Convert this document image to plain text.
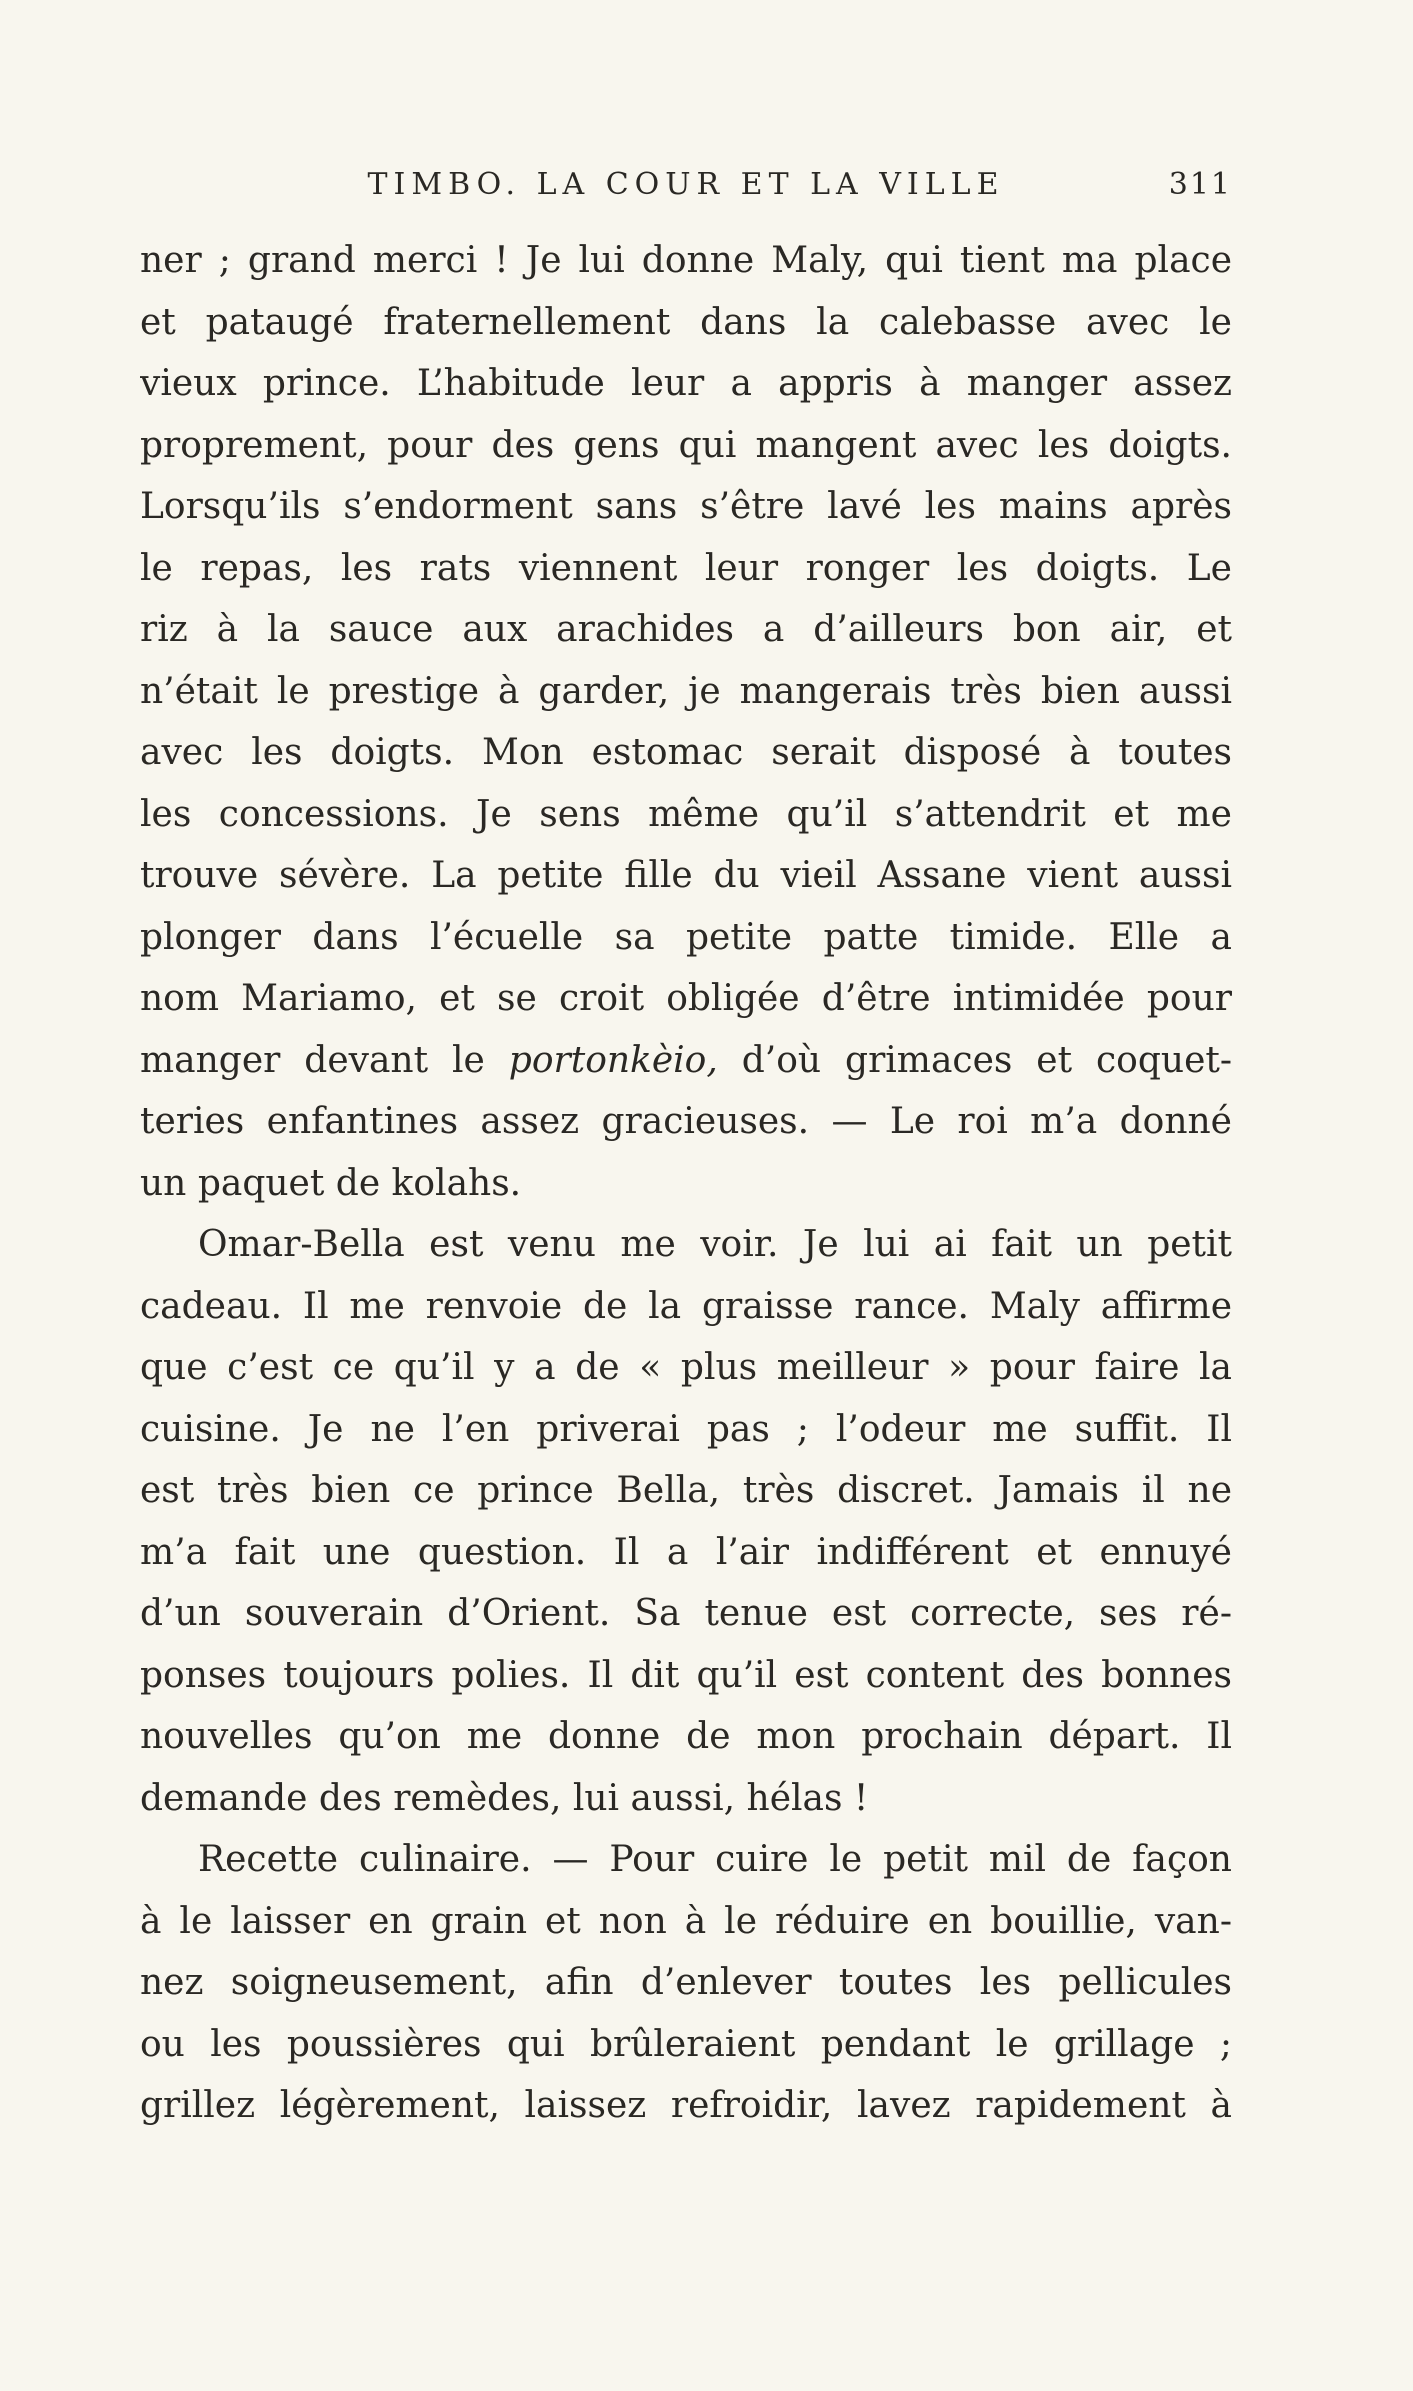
TIMBO. LA COUR ET LA VILLE	311
ner ; grand merci ! Je lui donne Maly, qui tient ma place
et pataugé fraternellement dans la calebasse avec le
vieux prince. L’habitude leur a appris à manger assez
proprement, pour des gens qui mangent avec les doigts.
Lorsqu’ils s’endorment sans s’être lavé les mains après
le repas, les rats viennent leur ronger les doigts. Le
riz à la sauce aux arachides a d’ailleurs bon air, et
n’était le prestige à garder, je mangerais très bien aussi
avec les doigts. Mon estomac serait disposé à toutes
les concessions. Je sens même qu’il s’attendrit et me
trouve sévère. La petite fille du vieil Assane vient aussi
plonger dans l’écuelle sa petite patte timide. Elle a
nom Mariamo, et se croit obligée d’être intimidée pour
manger devant le portonkèio, d’où grimaces et coquet-
teries enfantines assez gracieuses. — Le roi m’a donné
un paquet de kolahs.
Omar-Bella est venu me voir. Je lui ai fait un petit
cadeau. Il me renvoie de la graisse rance. Maly affirme
que c’est ce qu’il y a de « plus meilleur » pour faire la
cuisine. Je ne l’en priverai pas ; l’odeur me suffit. Il
est très bien ce prince Bella, très discret. Jamais il ne
m’a fait une question. Il a l’air indifférent et ennuyé
d’un souverain d’Orient. Sa tenue est correcte, ses ré-
ponses toujours polies. Il dit qu’il est content des bonnes
nouvelles qu’on me donne de mon prochain départ. Il
demande des remèdes, lui aussi, hélas !
Recette culinaire. — Pour cuire le petit mil de façon
à le laisser en grain et non à le réduire en bouillie, van-
nez soigneusement, afin d’enlever toutes les pellicules
ou les poussières qui brûleraient pendant le grillage ;
grillez légèrement, laissez refroidir, lavez rapidement à
